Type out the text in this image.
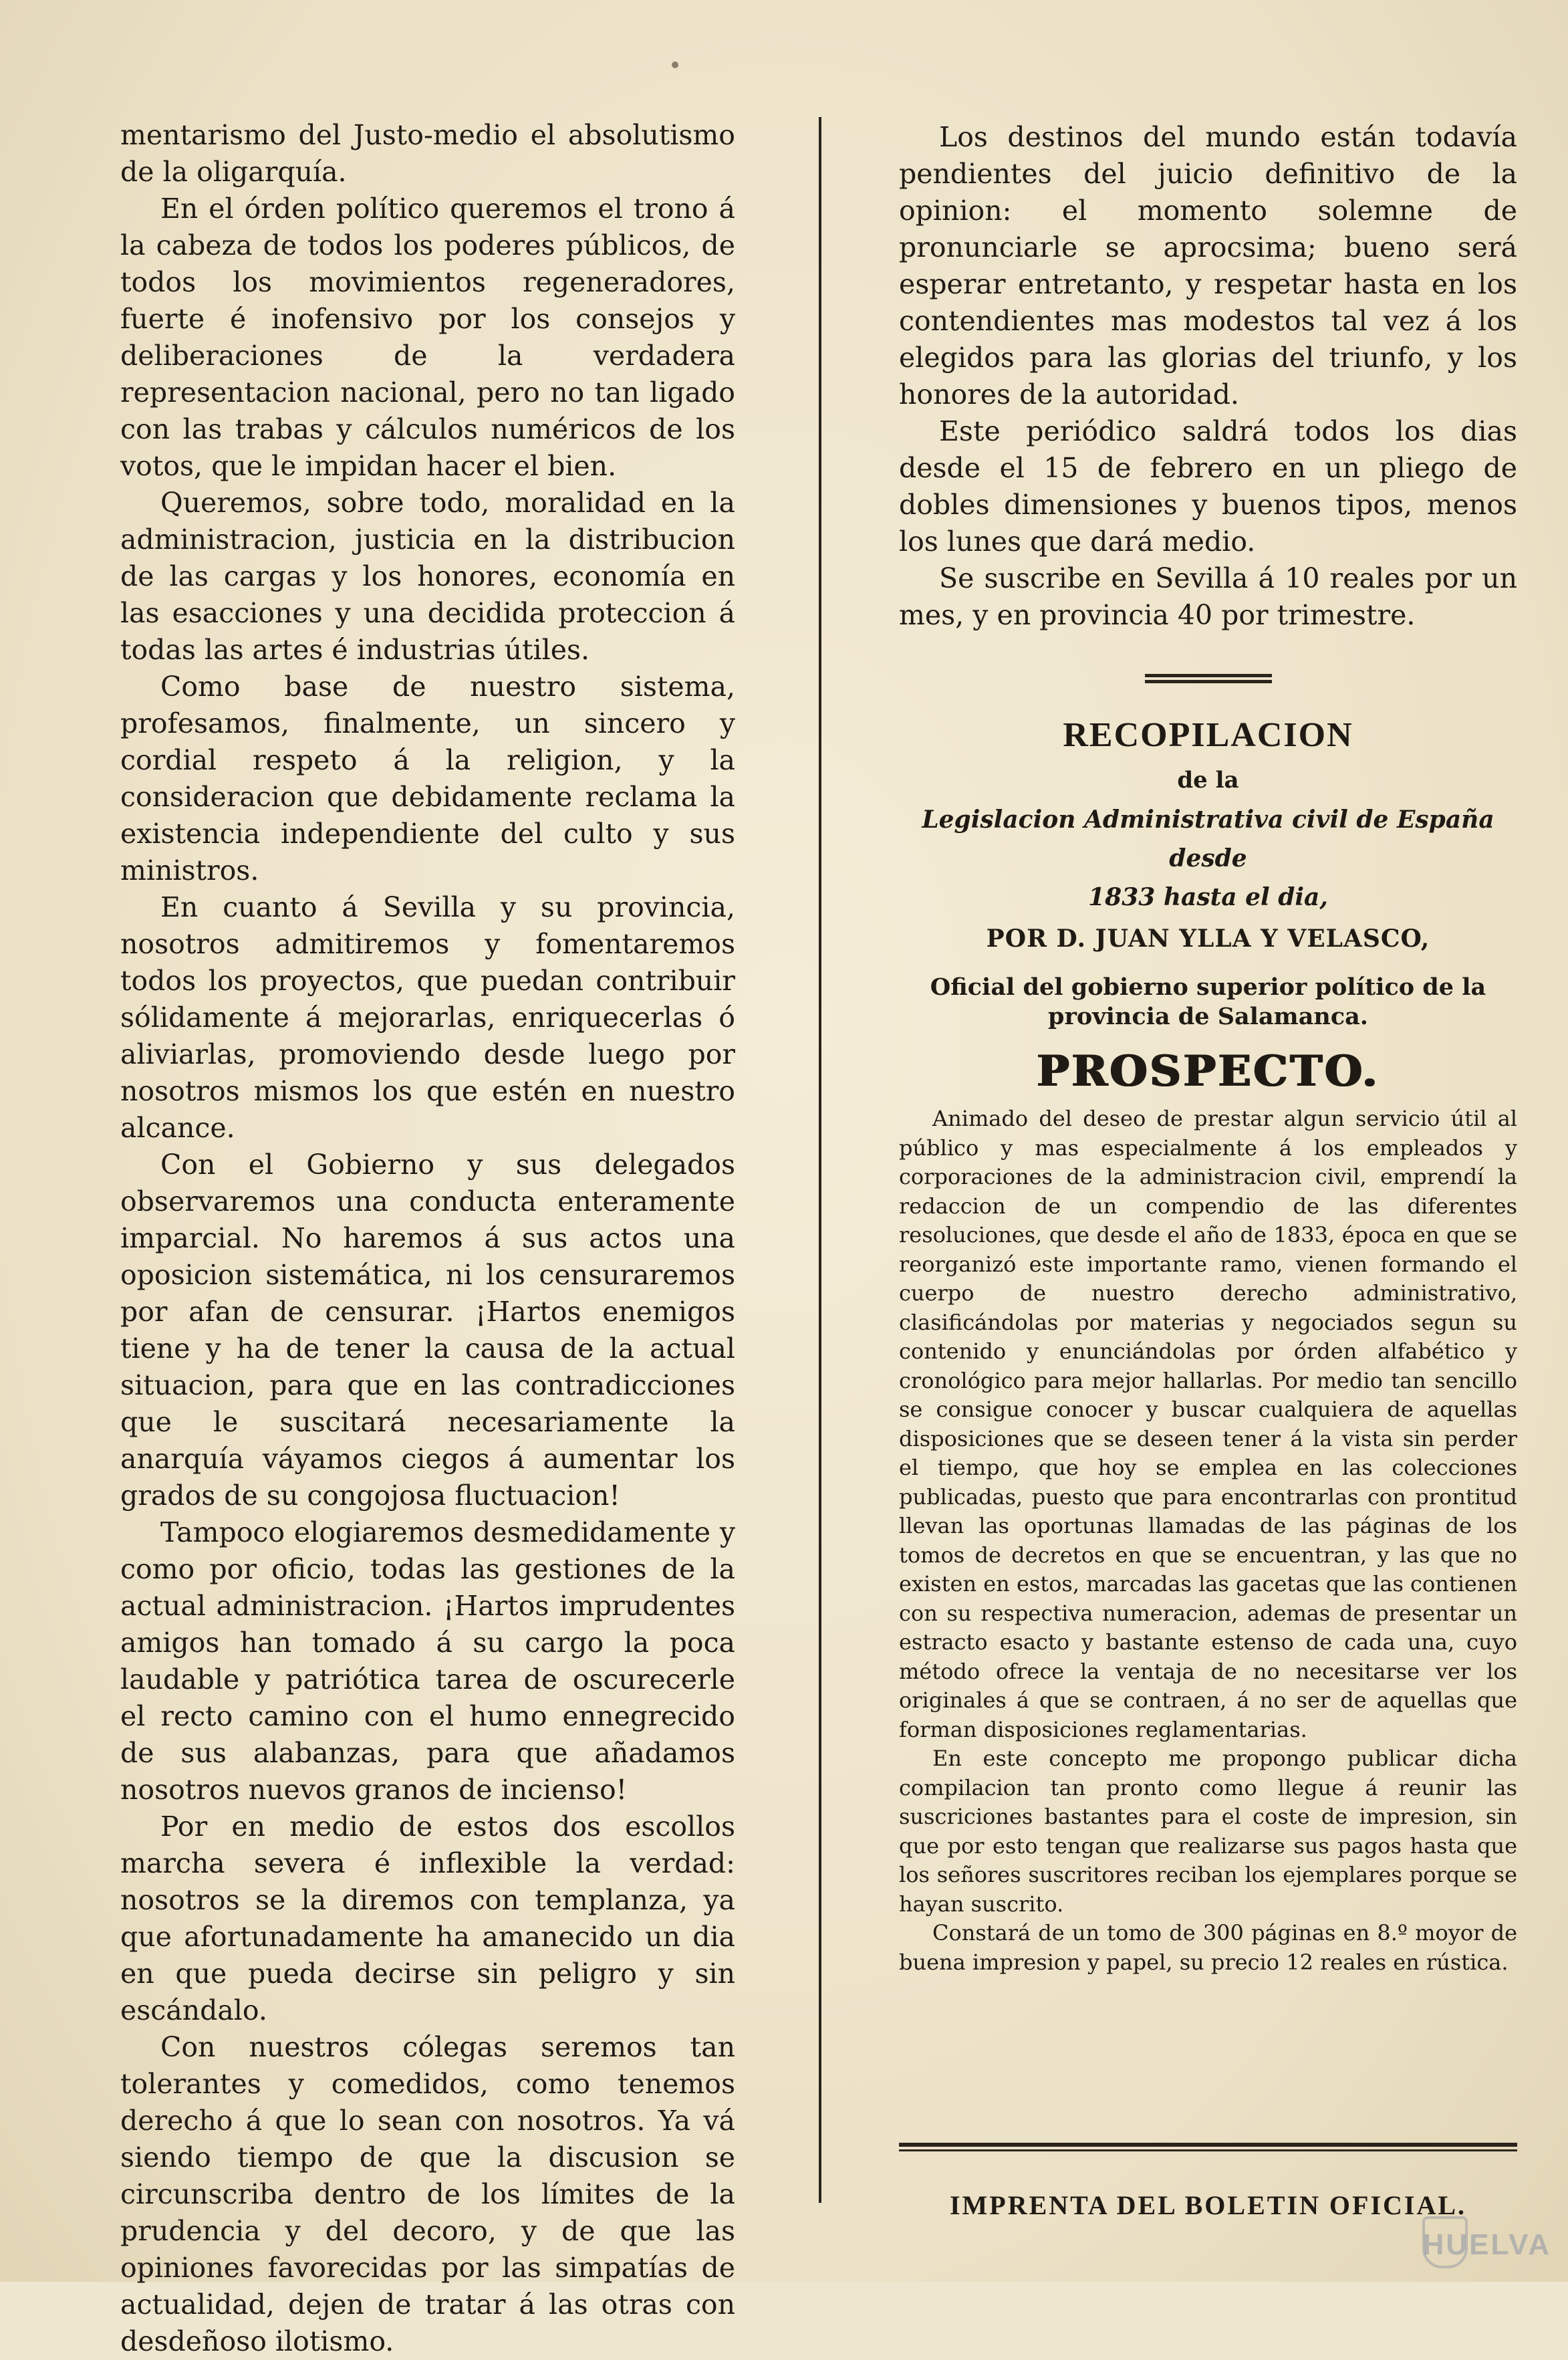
mentarismo del Justo-medio el absolutismo de la oligarquía.

En el órden político queremos el trono á la cabeza de todos los poderes públicos, de todos los movimientos regeneradores, fuerte é inofensivo por los consejos y deliberaciones de la verdadera representacion nacional, pero no tan ligado con las trabas y cálculos numéricos de los votos, que le impidan hacer el bien.

Queremos, sobre todo, moralidad en la administracion, justicia en la distribucion de las cargas y los honores, economía en las esacciones y una decidida proteccion á todas las artes é industrias útiles.

Como base de nuestro sistema, profesamos, finalmente, un sincero y cordial respeto á la religion, y la consideracion que debidamente reclama la existencia independiente del culto y sus ministros.

En cuanto á Sevilla y su provincia, nosotros admitiremos y fomentaremos todos los proyectos, que puedan contribuir sólidamente á mejorarlas, enriquecerlas ó aliviarlas, promoviendo desde luego por nosotros mismos los que estén en nuestro alcance.

Con el Gobierno y sus delegados observaremos una conducta enteramente imparcial. No haremos á sus actos una oposicion sistemática, ni los censuraremos por afan de censurar. ¡Hartos enemigos tiene y ha de tener la causa de la actual situacion, para que en las contradicciones que le suscitará necesariamente la anarquía váyamos ciegos á aumentar los grados de su congojosa fluctuacion!

Tampoco elogiaremos desmedidamente y como por oficio, todas las gestiones de la actual administracion. ¡Hartos imprudentes amigos han tomado á su cargo la poca laudable y patriótica tarea de oscurecerle el recto camino con el humo ennegrecido de sus alabanzas, para que añadamos nosotros nuevos granos de incienso!

Por en medio de estos dos escollos marcha severa é inflexible la verdad: nosotros se la diremos con templanza, ya que afortunadamente ha amanecido un dia en que pueda decirse sin peligro y sin escándalo.

Con nuestros cólegas seremos tan tolerantes y comedidos, como tenemos derecho á que lo sean con nosotros. Ya vá siendo tiempo de que la discusion se circunscriba dentro de los límites de la prudencia y del decoro, y de que las opiniones favorecidas por las simpatías de actualidad, dejen de tratar á las otras con desdeñoso ilotismo.

Los destinos del mundo están todavía pendientes del juicio definitivo de la opinion: el momento solemne de pronunciarle se aprocsima; bueno será esperar entretanto, y respetar hasta en los contendientes mas modestos tal vez á los elegidos para las glorias del triunfo, y los honores de la autoridad.

Este periódico saldrá todos los dias desde el 15 de febrero en un pliego de dobles dimensiones y buenos tipos, menos los lunes que dará medio.

Se suscribe en Sevilla á 10 reales por un mes, y en provincia 40 por trimestre.

RECOPILACION
de la
Legislacion Administrativa civil de España desde
1833 hasta el dia,
POR D. JUAN YLLA Y VELASCO,
Oficial del gobierno superior político de la provincia de Salamanca.
PROSPECTO.

Animado del deseo de prestar algun servicio útil al público y mas especialmente á los empleados y corporaciones de la administracion civil, emprendí la redaccion de un compendio de las diferentes resoluciones, que desde el año de 1833, época en que se reorganizó este importante ramo, vienen formando el cuerpo de nuestro derecho administrativo, clasificándolas por materias y negociados segun su contenido y enunciándolas por órden alfabético y cronológico para mejor hallarlas. Por medio tan sencillo se consigue conocer y buscar cualquiera de aquellas disposiciones que se deseen tener á la vista sin perder el tiempo, que hoy se emplea en las colecciones publicadas, puesto que para encontrarlas con prontitud llevan las oportunas llamadas de las páginas de los tomos de decretos en que se encuentran, y las que no existen en estos, marcadas las gacetas que las contienen con su respectiva numeracion, ademas de presentar un estracto esacto y bastante estenso de cada una, cuyo método ofrece la ventaja de no necesitarse ver los originales á que se contraen, á no ser de aquellas que forman disposiciones reglamentarias.

En este concepto me propongo publicar dicha compilacion tan pronto como llegue á reunir las suscriciones bastantes para el coste de impresion, sin que por esto tengan que realizarse sus pagos hasta que los señores suscritores reciban los ejemplares porque se hayan suscrito.

Constará de un tomo de 300 páginas en 8.º moyor de buena impresion y papel, su precio 12 reales en rústica.

IMPRENTA DEL BOLETIN OFICIAL.
HUELVA
